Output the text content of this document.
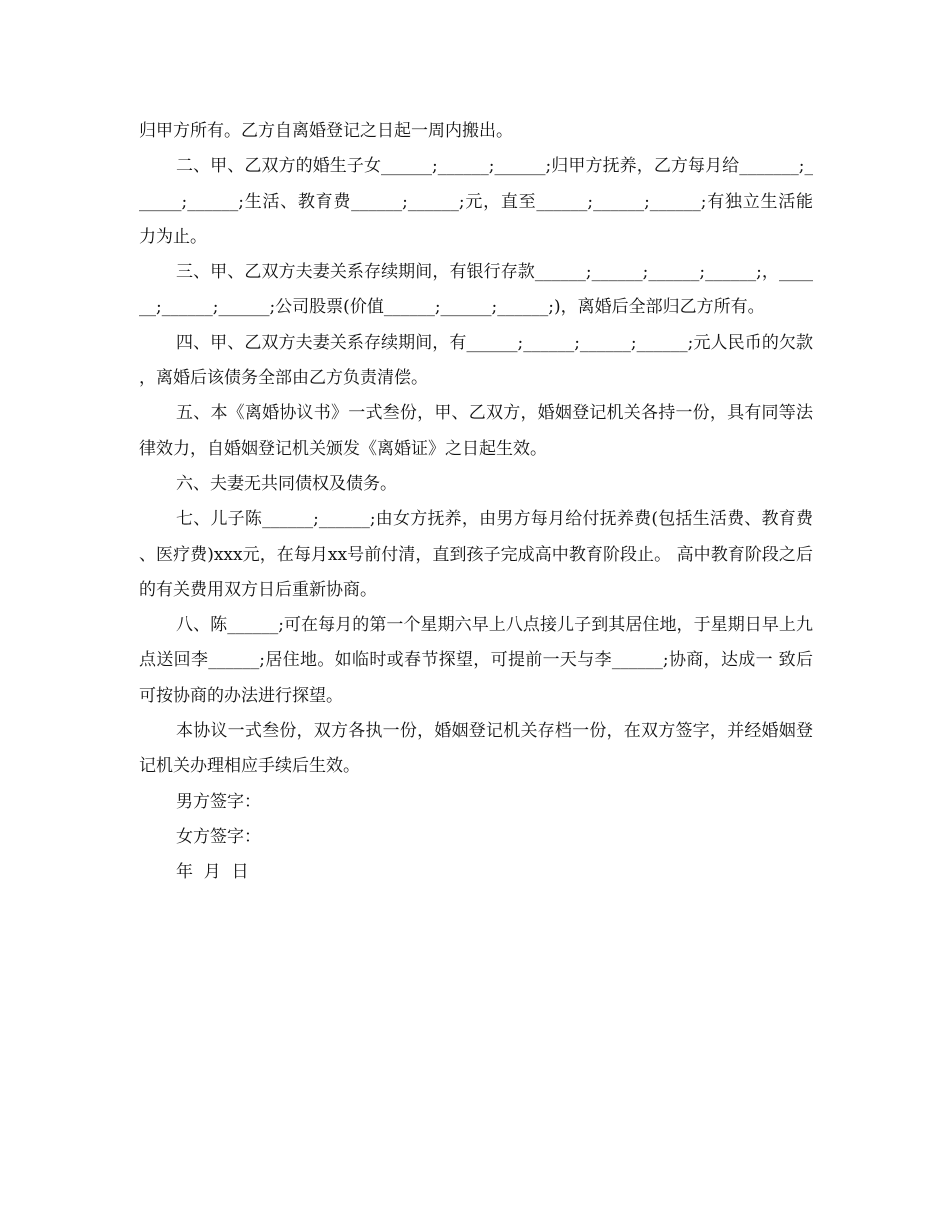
归甲方所有。乙方自离婚登记之日起一周内搬出。

二、甲、乙双方的婚生子女______;______;______;归甲方抚养，乙方每月给_______;______;______;生活、教育费______;______;元，直至______;______;______;有独立生活能力为止。

三、甲、乙双方夫妻关系存续期间，有银行存款______;______;______;______;，______;______;______;公司股票(价值______;______;______;)，离婚后全部归乙方所有。

四、甲、乙双方夫妻关系存续期间，有______;______;______;______;元人民币的欠款，离婚后该债务全部由乙方负责清偿。

五、本《离婚协议书》一式叁份，甲、乙双方，婚姻登记机关各持一份，具有同等法律效力，自婚姻登记机关颁发《离婚证》之日起生效。

六、夫妻无共同债权及债务。

七、儿子陈______;______;由女方抚养，由男方每月给付抚养费(包括生活费、教育费、医疗费)xxx元，在每月xx号前付清，直到孩子完成高中教育阶段止。 高中教育阶段之后的有关费用双方日后重新协商。

八、陈______;可在每月的第一个星期六早上八点接儿子到其居住地，于星期日早上九点送回李______;居住地。如临时或春节探望，可提前一天与李______;协商，达成一 致后可按协商的办法进行探望。

本协议一式叁份，双方各执一份，婚姻登记机关存档一份，在双方签字，并经婚姻登记机关办理相应手续后生效。

男方签字：

女方签字：

年  月  日
